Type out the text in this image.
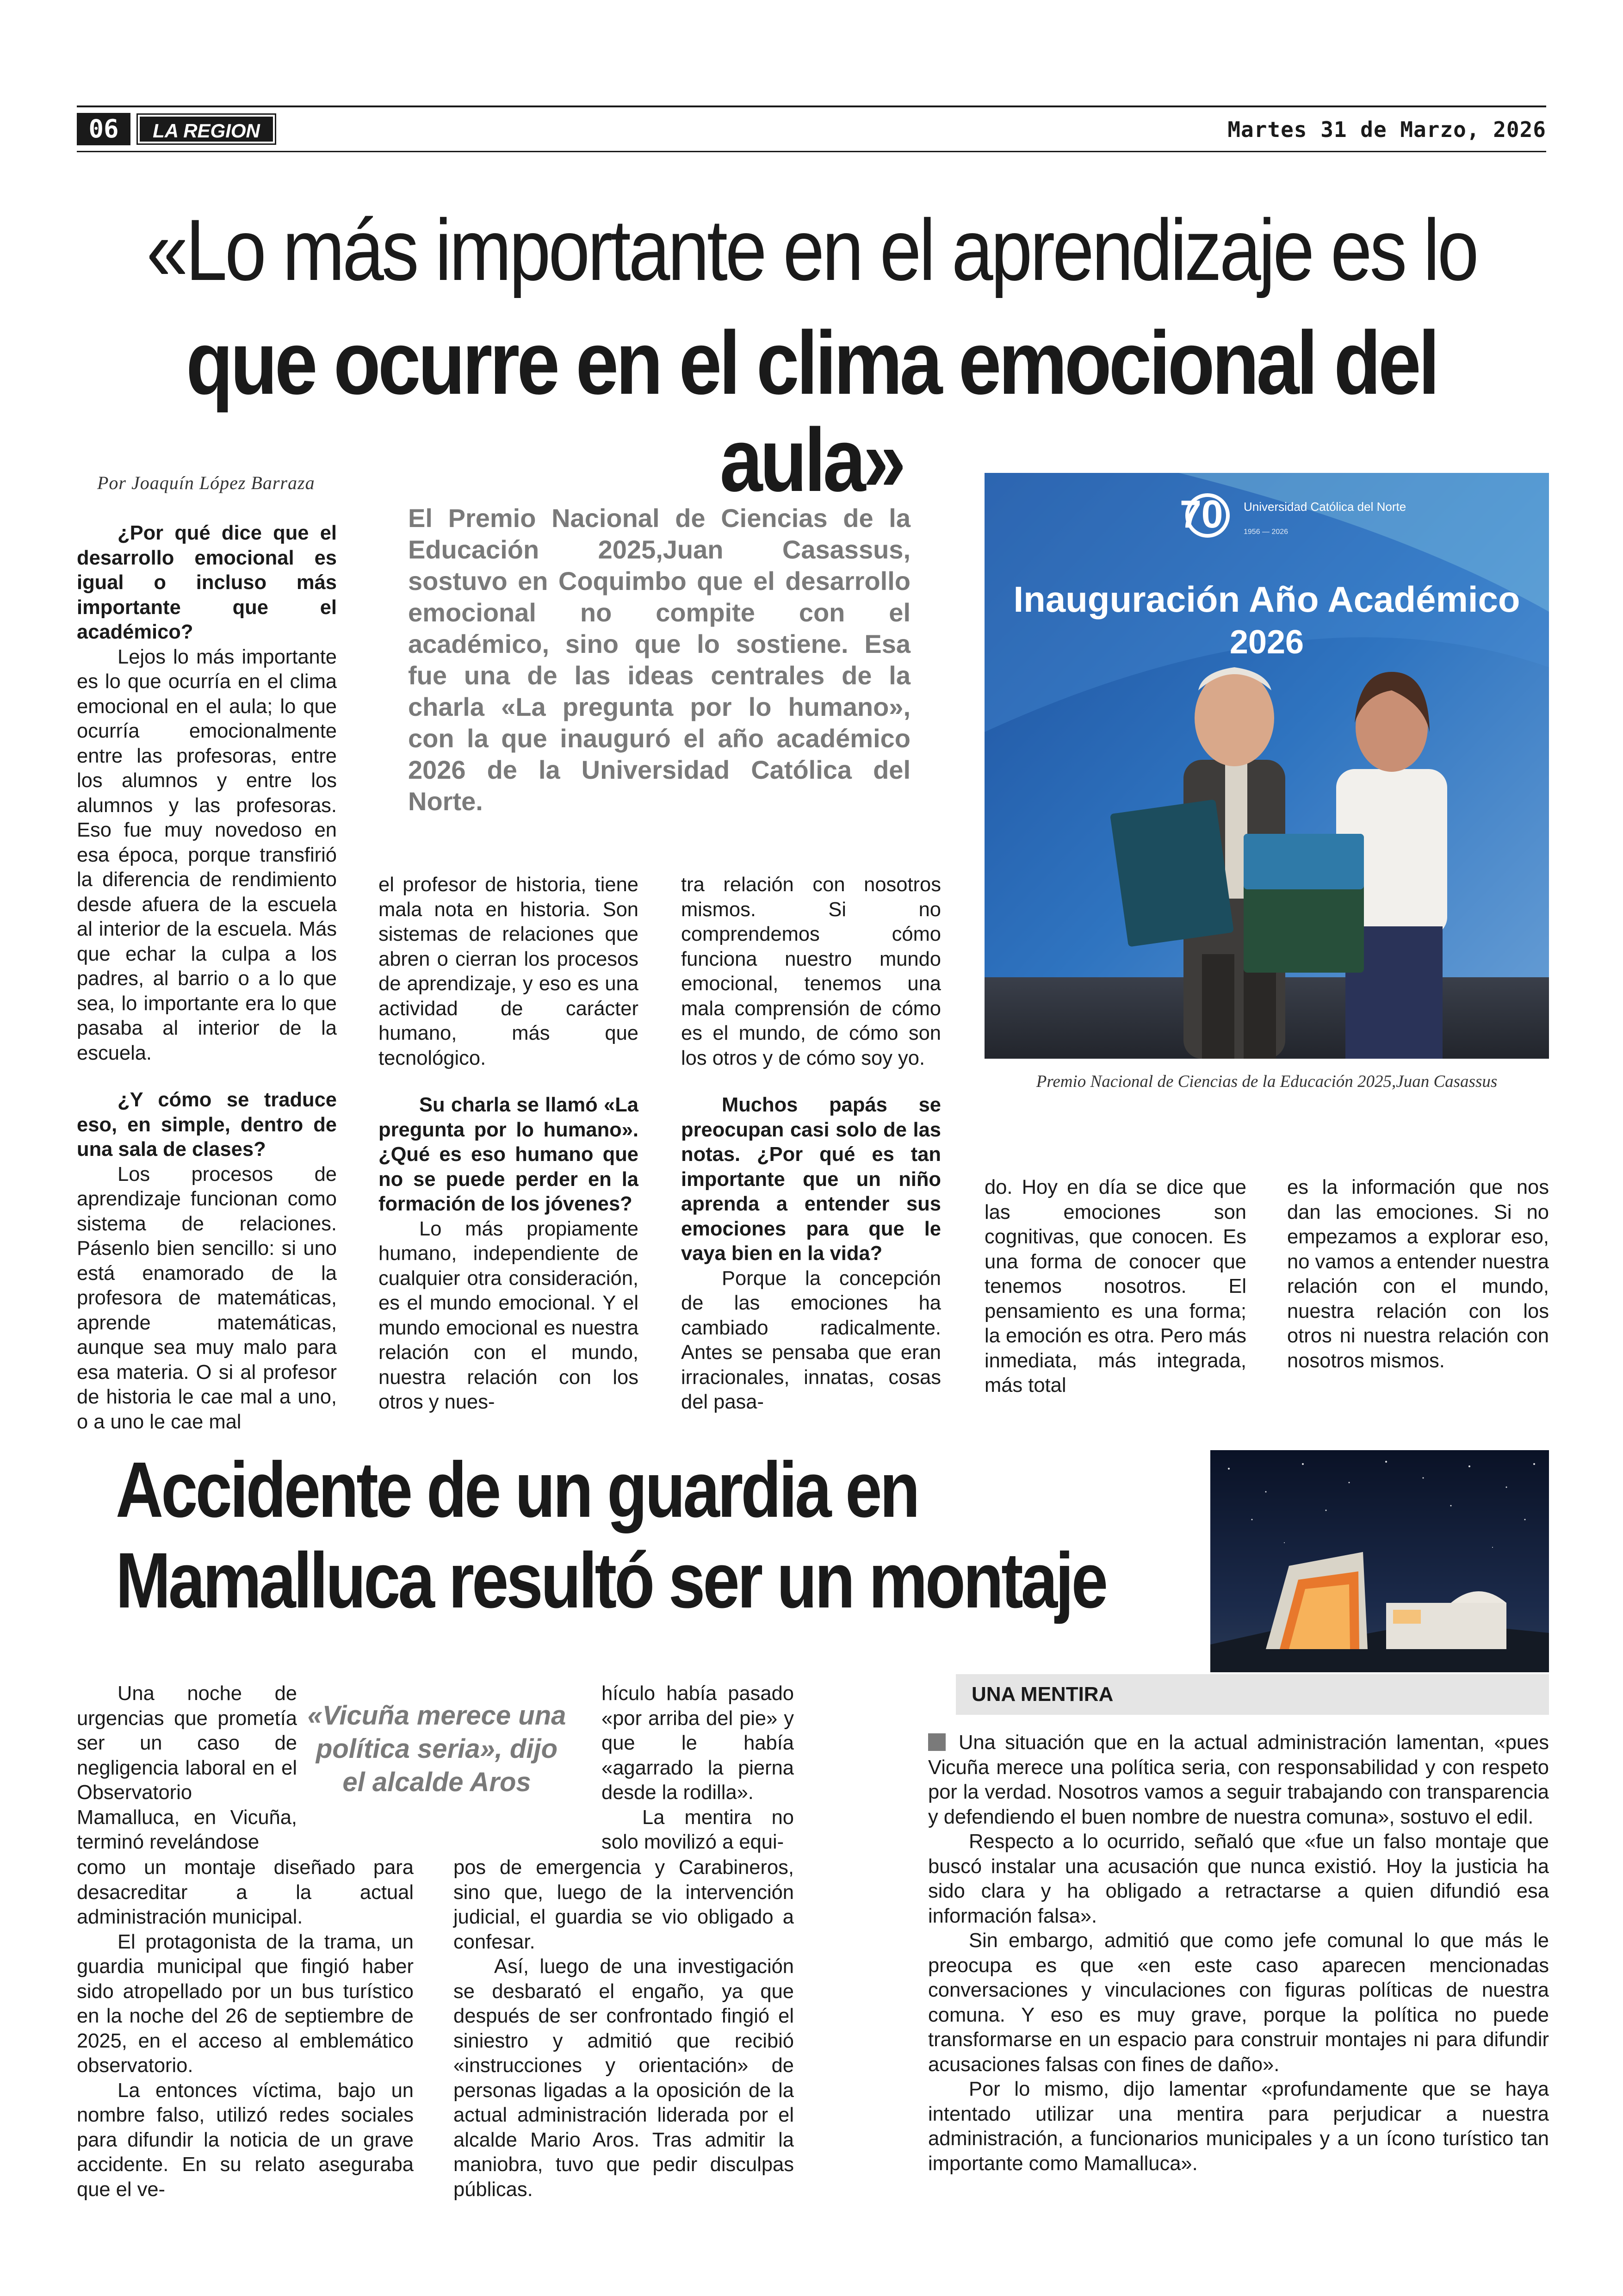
06	LA REGION	Martes 31 de Marzo, 2026
«Lo más importante en el aprendizaje es lo
que ocurre en el clima emocional del aula»
Por Joaquín López Barraza
El Premio Nacional de Ciencias de la Educación 2025,Juan Casassus, sostuvo en Coquimbo que el desarrollo emocional no compite con el académico, sino que lo sostiene. Esa fue una de las ideas centrales de la charla «La pregunta por lo humano», con la que inauguró el año académico 2026 de la Universidad Católica del Norte.

¿Por qué dice que el desarrollo emocional es igual o incluso más importante que el académico?

Lejos lo más importante es lo que ocurría en el clima emocional en el aula; lo que ocurría emocionalmente entre las profesoras, entre los alumnos y entre los alumnos y las profesoras. Eso fue muy novedoso en esa época, porque transfirió la diferencia de rendimiento desde afuera de la escuela al interior de la escuela. Más que echar la culpa a los padres, al barrio o a lo que sea, lo importante era lo que pasaba al interior de la escuela.

¿Y cómo se traduce eso, en simple, dentro de una sala de clases?

Los procesos de aprendizaje funcionan como sistema de relaciones. Pásenlo bien sencillo: si uno está enamorado de la profesora de matemáticas, aprende matemáticas, aunque sea muy malo para esa materia. O si al profesor de historia le cae mal a uno, o a uno le cae mal

el profesor de historia, tiene mala nota en historia. Son sistemas de relaciones que abren o cierran los procesos de aprendizaje, y eso es una actividad de carácter humano, más que tecnológico.

Su charla se llamó «La pregunta por lo humano». ¿Qué es eso humano que no se puede perder en la formación de los jóvenes?

Lo más propiamente humano, independiente de cualquier otra consideración, es el mundo emocional. Y el mundo emocional es nuestra relación con el mundo, nuestra relación con los otros y nues-

tra relación con nosotros mismos. Si no comprendemos cómo funciona nuestro mundo emocional, tenemos una mala comprensión de cómo es el mundo, de cómo son los otros y de cómo soy yo.

Muchos papás se preocupan casi solo de las notas. ¿Por qué es tan importante que un niño aprenda a entender sus emociones para que le vaya bien en la vida?

Porque la concepción de las emociones ha cambiado radicalmente. Antes se pensaba que eran irracionales, innatas, cosas del pasa-

do. Hoy en día se dice que las emociones son cognitivas, que conocen. Es una forma de conocer que tenemos nosotros. El pensamiento es una forma; la emoción es otra. Pero más inmediata, más integrada, más total

es la información que nos dan las emociones. Si no empezamos a explorar eso, no vamos a entender nuestra relación con el mundo, nuestra relación con los otros ni nuestra relación con nosotros mismos.

70 Universidad Católica del Norte
1956 — 2026
Inauguración Año Académico
2026
Premio Nacional de Ciencias de la Educación 2025,Juan Casassus
Accidente de un guardia en
Mamalluca resultó ser un montaje
«Vicuña merece una política seria», dijo el alcalde Aros

Una noche de urgencias que prometía ser un caso de negligencia laboral en el Observatorio Mamalluca, en Vicuña, terminó revelándose

como un montaje diseñado para desacreditar a la actual administración municipal.

El protagonista de la trama, un guardia municipal que fingió haber sido atropellado por un bus turístico en la noche del 26 de septiembre de 2025, en el acceso al emblemático observatorio.

La entonces víctima, bajo un nombre falso, utilizó redes sociales para difundir la noticia de un grave accidente. En su relato aseguraba que el ve-

hículo había pasado «por arriba del pie» y que le había «agarrado la pierna desde la rodilla».

La mentira no solo movilizó a equi-

pos de emergencia y Carabineros, sino que, luego de la intervención judicial, el guardia se vio obligado a confesar.

Así, luego de una investigación se desbarató el engaño, ya que después de ser confrontado fingió el siniestro y admitió que recibió «instrucciones y orientación» de personas ligadas a la oposición de la actual administración liderada por el alcalde Mario Aros. Tras admitir la maniobra, tuvo que pedir disculpas públicas.

UNA MENTIRA

Una situación que en la actual administración lamentan, «pues Vicuña merece una política seria, con responsabilidad y con respeto por la verdad. Nosotros vamos a seguir trabajando con transparencia y defendiendo el buen nombre de nuestra comuna», sostuvo el edil.

Respecto a lo ocurrido, señaló que «fue un falso montaje que buscó instalar una acusación que nunca existió. Hoy la justicia ha sido clara y ha obligado a retractarse a quien difundió esa información falsa».

Sin embargo, admitió que como jefe comunal lo que más le preocupa es que «en este caso aparecen mencionadas conversaciones y vinculaciones con figuras políticas de nuestra comuna. Y eso es muy grave, porque la política no puede transformarse en un espacio para construir montajes ni para difundir acusaciones falsas con fines de daño».

Por lo mismo, dijo lamentar «profundamente que se haya intentado utilizar una mentira para perjudicar a nuestra administración, a funcionarios municipales y a un ícono turístico tan importante como Mamalluca».
